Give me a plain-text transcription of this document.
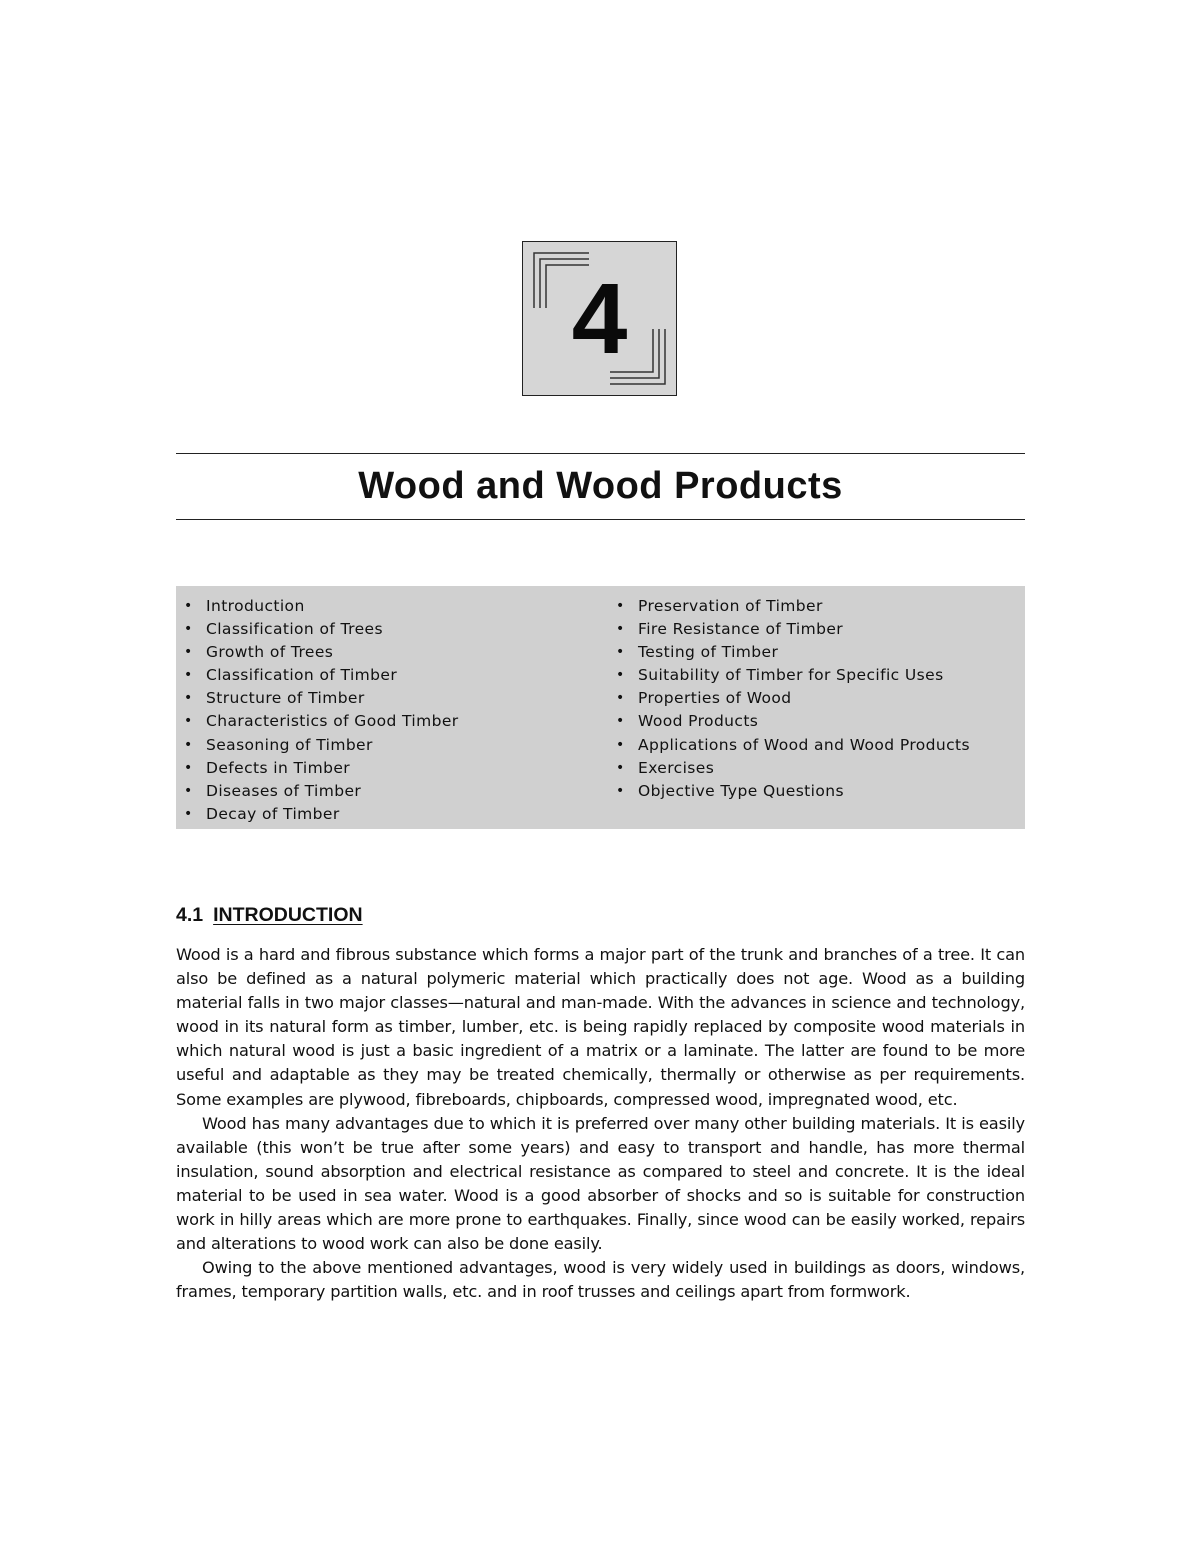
4
Wood and Wood Products
• Introduction
• Classification of Trees
• Growth of Trees
• Classification of Timber
• Structure of Timber
• Characteristics of Good Timber
• Seasoning of Timber
• Defects in Timber
• Diseases of Timber
• Decay of Timber
• Preservation of Timber
• Fire Resistance of Timber
• Testing of Timber
• Suitability of Timber for Specific Uses
• Properties of Wood
• Wood Products
• Applications of Wood and Wood Products
• Exercises
• Objective Type Questions
4.1 INTRODUCTION

Wood is a hard and fibrous substance which forms a major part of the trunk and branches of a tree. It can also be defined as a natural polymeric material which practically does not age. Wood as a building material falls in two major classes—natural and man-made. With the advances in science and technology, wood in its natural form as timber, lumber, etc. is being rapidly replaced by composite wood materials in which natural wood is just a basic ingredient of a matrix or a laminate. The latter are found to be more useful and adaptable as they may be treated chemically, thermally or otherwise as per requirements. Some examples are plywood, fibreboards, chipboards, compressed wood, impregnated wood, etc.

Wood has many advantages due to which it is preferred over many other building materials. It is easily available (this won’t be true after some years) and easy to transport and handle, has more thermal insulation, sound absorption and electrical resistance as compared to steel and concrete. It is the ideal material to be used in sea water. Wood is a good absorber of shocks and so is suitable for construction work in hilly areas which are more prone to earthquakes. Finally, since wood can be easily worked, repairs and alterations to wood work can also be done easily.

Owing to the above mentioned advantages, wood is very widely used in buildings as doors, windows, frames, temporary partition walls, etc. and in roof trusses and ceilings apart from formwork.
